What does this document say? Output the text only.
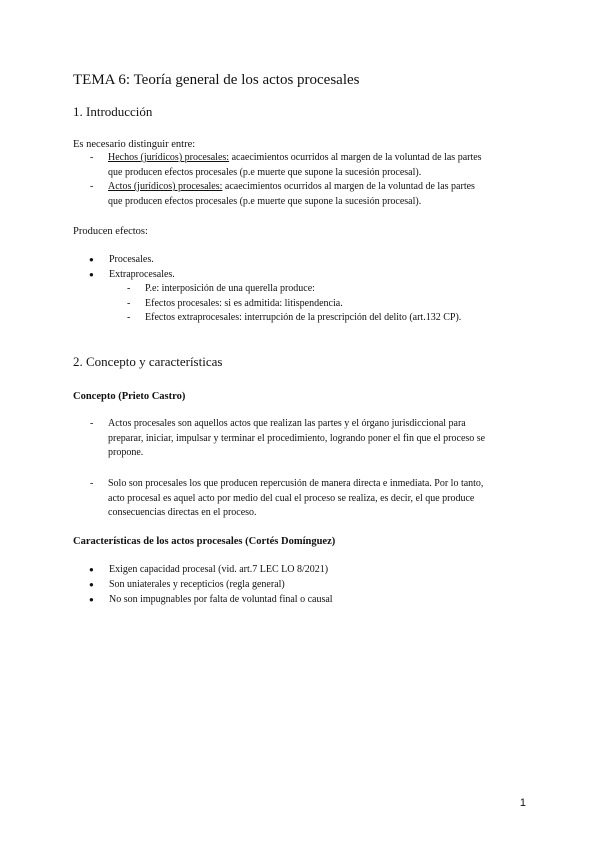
TEMA 6: Teoría general de los actos procesales
1. Introducción
Es necesario distinguir entre:
- Hechos (jurídicos) procesales: acaecimientos ocurridos al margen de la voluntad de las partes
que producen efectos procesales (p.e muerte que supone la sucesión procesal).
- Actos (jurídicos) procesales: acaecimientos ocurridos al margen de la voluntad de las partes
que producen efectos procesales (p.e muerte que supone la sucesión procesal).
Producen efectos:
● Procesales.
● Extraprocesales.
- P.e: interposición de una querella produce:
- Efectos procesales: si es admitida: litispendencia.
- Efectos extraprocesales: interrupción de la prescripción del delito (art.132 CP).
2. Concepto y características
Concepto (Prieto Castro)
- Actos procesales son aquellos actos que realizan las partes y el órgano jurisdiccional para
preparar, iniciar, impulsar y terminar el procedimiento, logrando poner el fin que el proceso se
propone.
- Solo son procesales los que producen repercusión de manera directa e inmediata. Por lo tanto,
acto procesal es aquel acto por medio del cual el proceso se realiza, es decir, el que produce
consecuencias directas en el proceso.
Características de los actos procesales (Cortés Domínguez)
● Exigen capacidad procesal (vid. art.7 LEC LO 8/2021)
● Son uniaterales y recepticios (regla general)
● No son impugnables por falta de voluntad final o causal
1
